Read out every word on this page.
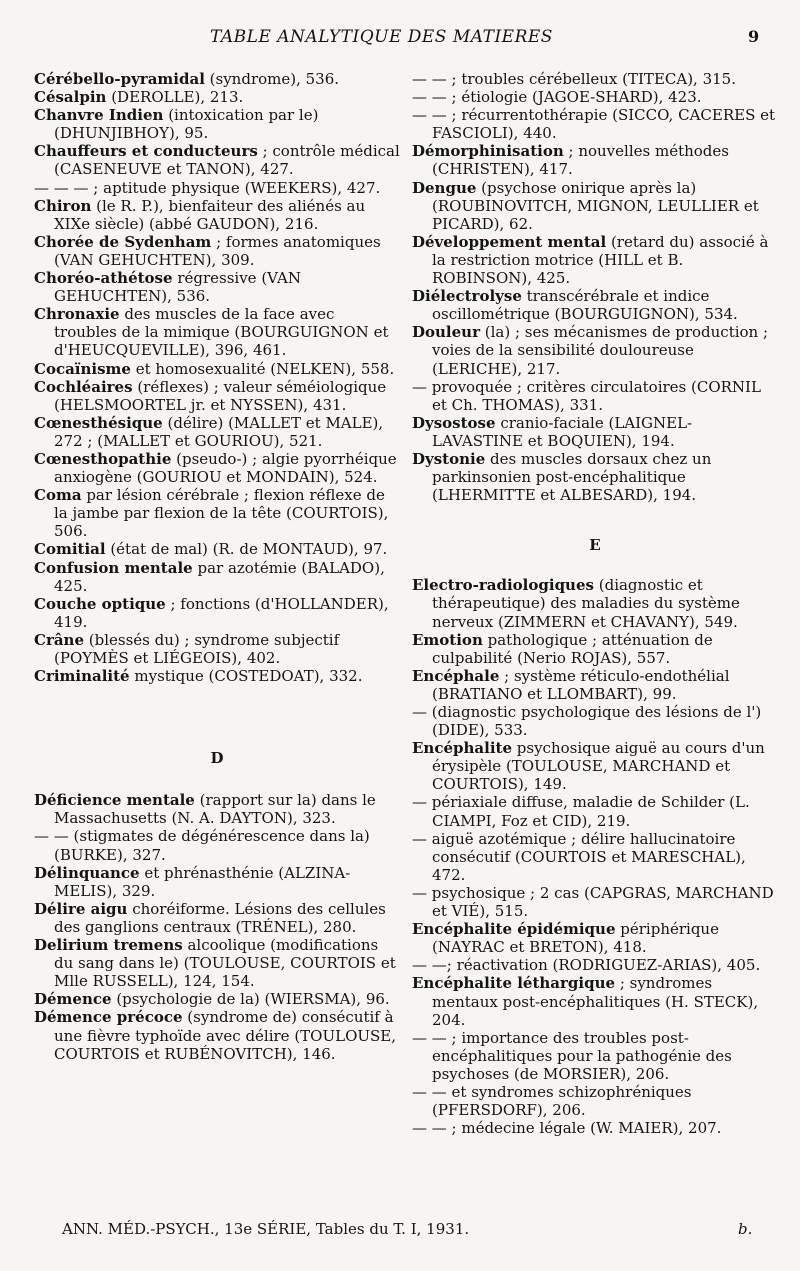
TABLE ANALYTIQUE DES MATIERES	9

Cérébello-pyramidal (syndrome), 536.

Césalpin (DEROLLE), 213.

Chanvre Indien (intoxication par le) (DHUNJIBHOY), 95.

Chauffeurs et conducteurs ; contrôle médical (CASENEUVE et TANON), 427.

— — — ; aptitude physique (WEEKERS), 427.

Chiron (le R. P.), bienfaiteur des aliénés au XIXe siècle) (abbé GAUDON), 216.

Chorée de Sydenham ; formes anatomiques (VAN GEHUCHTEN), 309.

Choréo-athétose régressive (VAN GEHUCHTEN), 536.

Chronaxie des muscles de la face avec troubles de la mimique (BOURGUIGNON et d'HEUCQUEVILLE), 396, 461.

Cocaïnisme et homosexualité (NELKEN), 558.

Cochléaires (réflexes) ; valeur séméiologique (HELSMOORTEL jr. et NYSSEN), 431.

Cœnesthésique (délire) (MALLET et MALE), 272 ; (MALLET et GOURIOU), 521.

Cœnesthopathie (pseudo-) ; algie pyorrhéique anxiogène (GOURIOU et MONDAIN), 524.

Coma par lésion cérébrale ; flexion réflexe de la jambe par flexion de la tête (COURTOIS), 506.

Comitial (état de mal) (R. de MONTAUD), 97.

Confusion mentale par azotémie (BALADO), 425.

Couche optique ; fonctions (d'HOLLANDER), 419.

Crâne (blessés du) ; syndrome subjectif (POYMÈS et LIÉGEOIS), 402.

Criminalité mystique (COSTEDOAT), 332.

D

Déficience mentale (rapport sur la) dans le Massachusetts (N. A. DAYTON), 323.

— — (stigmates de dégénérescence dans la) (BURKE), 327.

Délinquance et phrénasthénie (ALZINA-MELIS), 329.

Délire aigu choréiforme. Lésions des cellules des ganglions centraux (TRÉNEL), 280.

Delirium tremens alcoolique (modifications du sang dans le) (TOULOUSE, COURTOIS et Mlle RUSSELL), 124, 154.

Démence (psychologie de la) (WIERSMA), 96.

Démence précoce (syndrome de) consécutif à une fièvre typhoïde avec délire (TOULOUSE, COURTOIS et RUBÉNOVITCH), 146.

— — ; troubles cérébelleux (TITECA), 315.

— — ; étiologie (JAGOE-SHARD), 423.

— — ; récurrentothérapie (SICCO, CACERES et FASCIOLI), 440.

Démorphinisation ; nouvelles méthodes (CHRISTEN), 417.

Dengue (psychose onirique après la) (ROUBINOVITCH, MIGNON, LEULLIER et PICARD), 62.

Développement mental (retard du) associé à la restriction motrice (HILL et B. ROBINSON), 425.

Diélectrolyse transcérébrale et indice oscillométrique (BOURGUIGNON), 534.

Douleur (la) ; ses mécanismes de production ; voies de la sensibilité douloureuse (LERICHE), 217.

— provoquée ; critères circulatoires (CORNIL et Ch. THOMAS), 331.

Dysostose cranio-faciale (LAIGNEL-LAVASTINE et BOQUIEN), 194.

Dystonie des muscles dorsaux chez un parkinsonien post-encéphalitique (LHERMITTE et ALBESARD), 194.

E

Electro-radiologiques (diagnostic et thérapeutique) des maladies du système nerveux (ZIMMERN et CHAVANY), 549.

Emotion pathologique ; atténuation de culpabilité (Nerio ROJAS), 557.

Encéphale ; système réticulo-endothélial (BRATIANO et LLOMBART), 99.

— (diagnostic psychologique des lésions de l') (DIDE), 533.

Encéphalite psychosique aiguë au cours d'un érysipèle (TOULOUSE, MARCHAND et COURTOIS), 149.

— périaxiale diffuse, maladie de Schilder (L. CIAMPI, Foz et CID), 219.

— aiguë azotémique ; délire hallucinatoire consécutif (COURTOIS et MARESCHAL), 472.

— psychosique ; 2 cas (CAPGRAS, MARCHAND et VIÉ), 515.

Encéphalite épidémique périphérique (NAYRAC et BRETON), 418.

— —; réactivation (RODRIGUEZ-ARIAS), 405.

Encéphalite léthargique ; syndromes mentaux post-encéphalitiques (H. STECK), 204.

— — ; importance des troubles post-encéphalitiques pour la pathogénie des psychoses (de MORSIER), 206.

— — et syndromes schizophréniques (PFERSDORF), 206.

— — ; médecine légale (W. MAIER), 207.

ANN. MÉD.-PSYCH., 13e SÉRIE, Tables du T. I, 1931.	b.
